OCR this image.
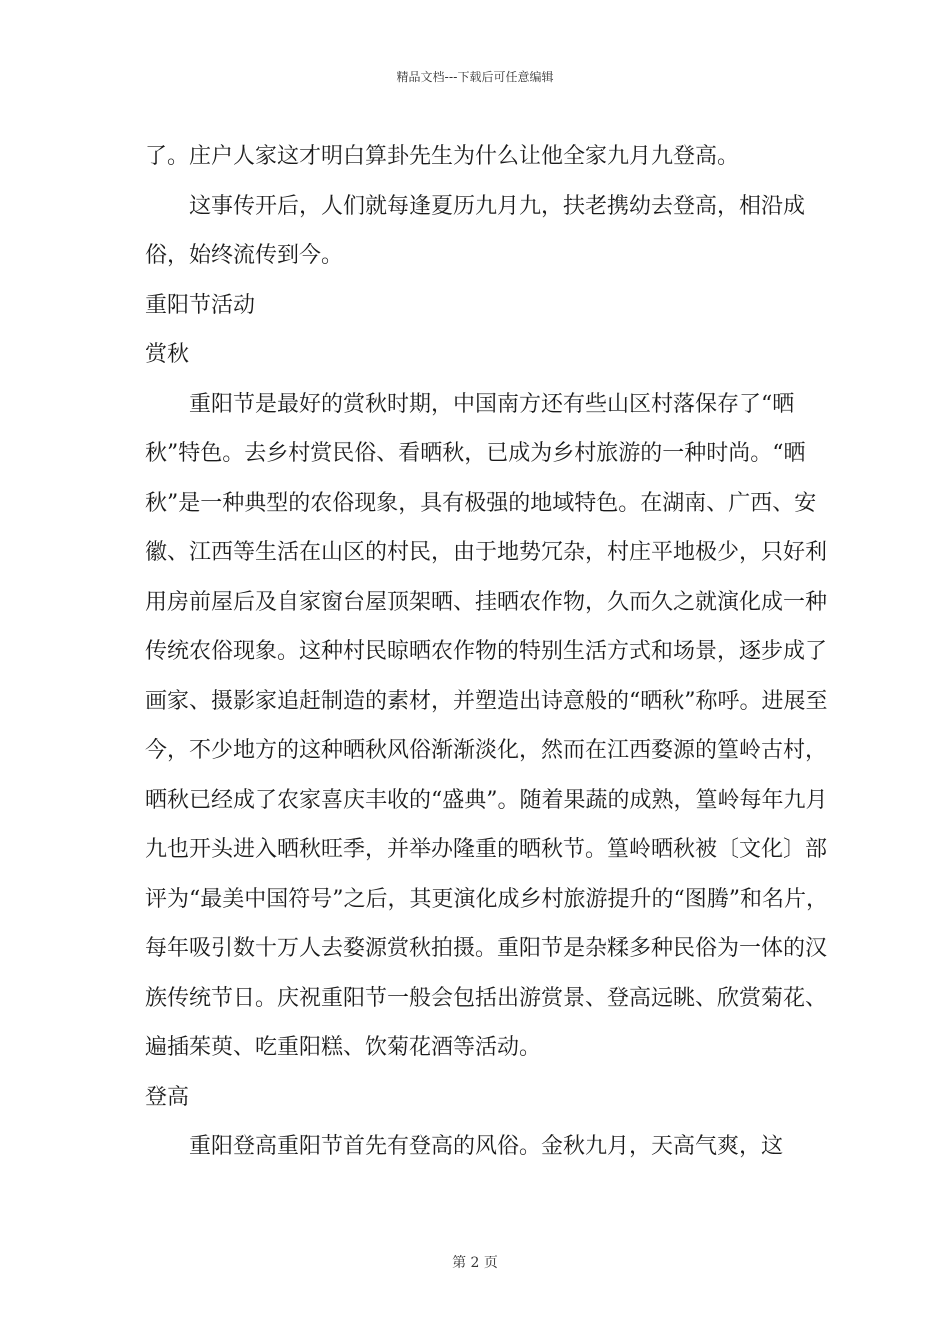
精品文档---下载后可任意编辑

了。庄户人家这才明白算卦先生为什么让他全家九月九登高。

这事传开后，人们就每逢夏历九月九，扶老携幼去登高，相沿成俗，始终流传到今。

重阳节活动

赏秋

重阳节是最好的赏秋时期，中国南方还有些山区村落保存了“晒秋”特色。去乡村赏民俗、看晒秋，已成为乡村旅游的一种时尚。“晒秋”是一种典型的农俗现象，具有极强的地域特色。在湖南、广西、安徽、江西等生活在山区的村民，由于地势冗杂，村庄平地极少，只好利用房前屋后及自家窗台屋顶架晒、挂晒农作物，久而久之就演化成一种传统农俗现象。这种村民晾晒农作物的特别生活方式和场景，逐步成了画家、摄影家追赶制造的素材，并塑造出诗意般的“晒秋”称呼。进展至今，不少地方的这种晒秋风俗渐渐淡化，然而在江西婺源的篁岭古村，晒秋已经成了农家喜庆丰收的“盛典”。随着果蔬的成熟，篁岭每年九月九也开头进入晒秋旺季，并举办隆重的晒秋节。篁岭晒秋被〔文化〕部评为“最美中国符号”之后，其更演化成乡村旅游提升的“图腾”和名片，每年吸引数十万人去婺源赏秋拍摄。重阳节是杂糅多种民俗为一体的汉族传统节日。庆祝重阳节一般会包括出游赏景、登高远眺、欣赏菊花、遍插茱萸、吃重阳糕、饮菊花酒等活动。

登高

重阳登高重阳节首先有登高的风俗。金秋九月，天高气爽，这

第 2 页
